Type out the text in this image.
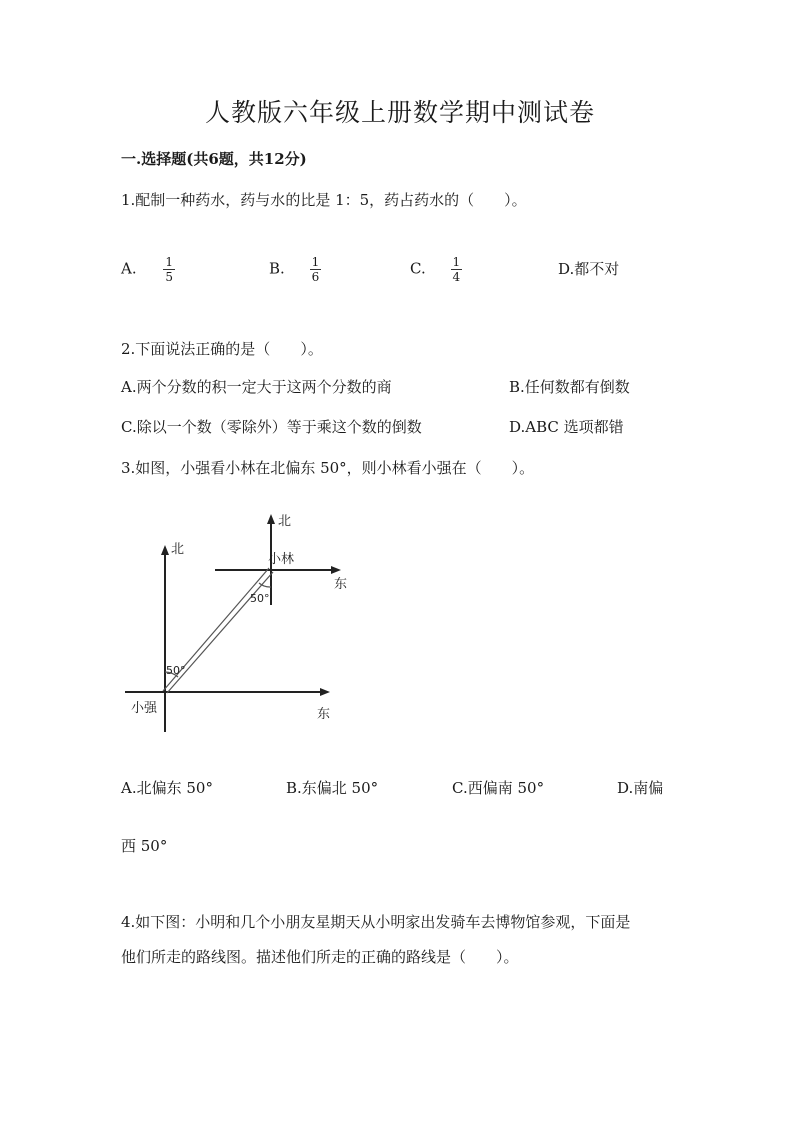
人教版六年级上册数学期中测试卷
一.选择题(共6题，共12分)
1.配制一种药水，药与水的比是 1：5，药占药水的（　　）。
A. $\frac{1}{5}$	B. $\frac{1}{6}$	C. $\frac{1}{4}$	D.都不对
2.下面说法正确的是（　　）。
A.两个分数的积一定大于这两个分数的商	B.任何数都有倒数
C.除以一个数（零除外）等于乘这个数的倒数	D.ABC 选项都错
3.如图，小强看小林在北偏东 50°，则小林看小强在（　　）。
北
北
东
东
小林
小强
50°
50°
A.北偏东 50°	B.东偏北 50°	C.西偏南 50°	D.南偏
西 50°
4.如下图：小明和几个小朋友星期天从小明家出发骑车去博物馆参观，下面是
他们所走的路线图。描述他们所走的正确的路线是（　　）。
